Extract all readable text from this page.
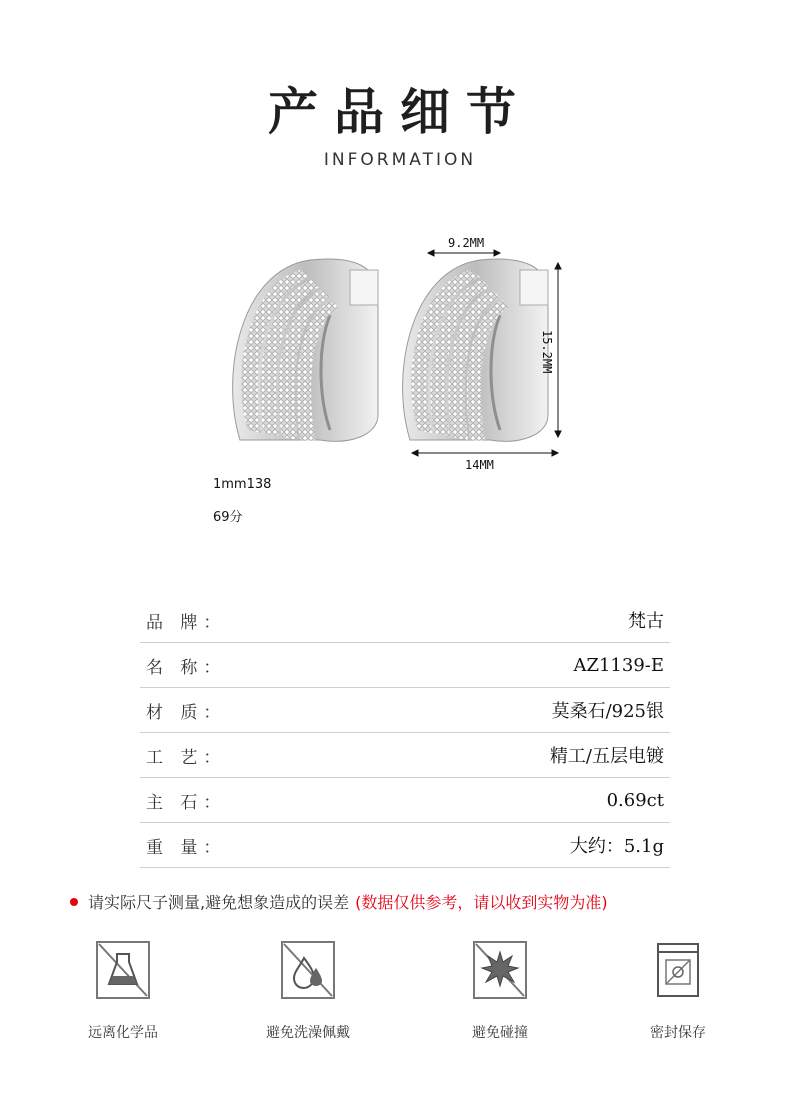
产品细节
INFORMATION
9.2MM
15.2MM
14MM
1mm138
69分
品 牌：	梵古
名 称：	AZ1139-E
材 质：	莫桑石/925银
工 艺：	精工/五层电镀
主 石：	0.69ct
重 量：	大约：5.1g
请实际尺子测量,避免想象造成的误差 (数据仅供参考，请以收到实物为准)
远离化学品	避免洗澡佩戴	避免碰撞	密封保存
